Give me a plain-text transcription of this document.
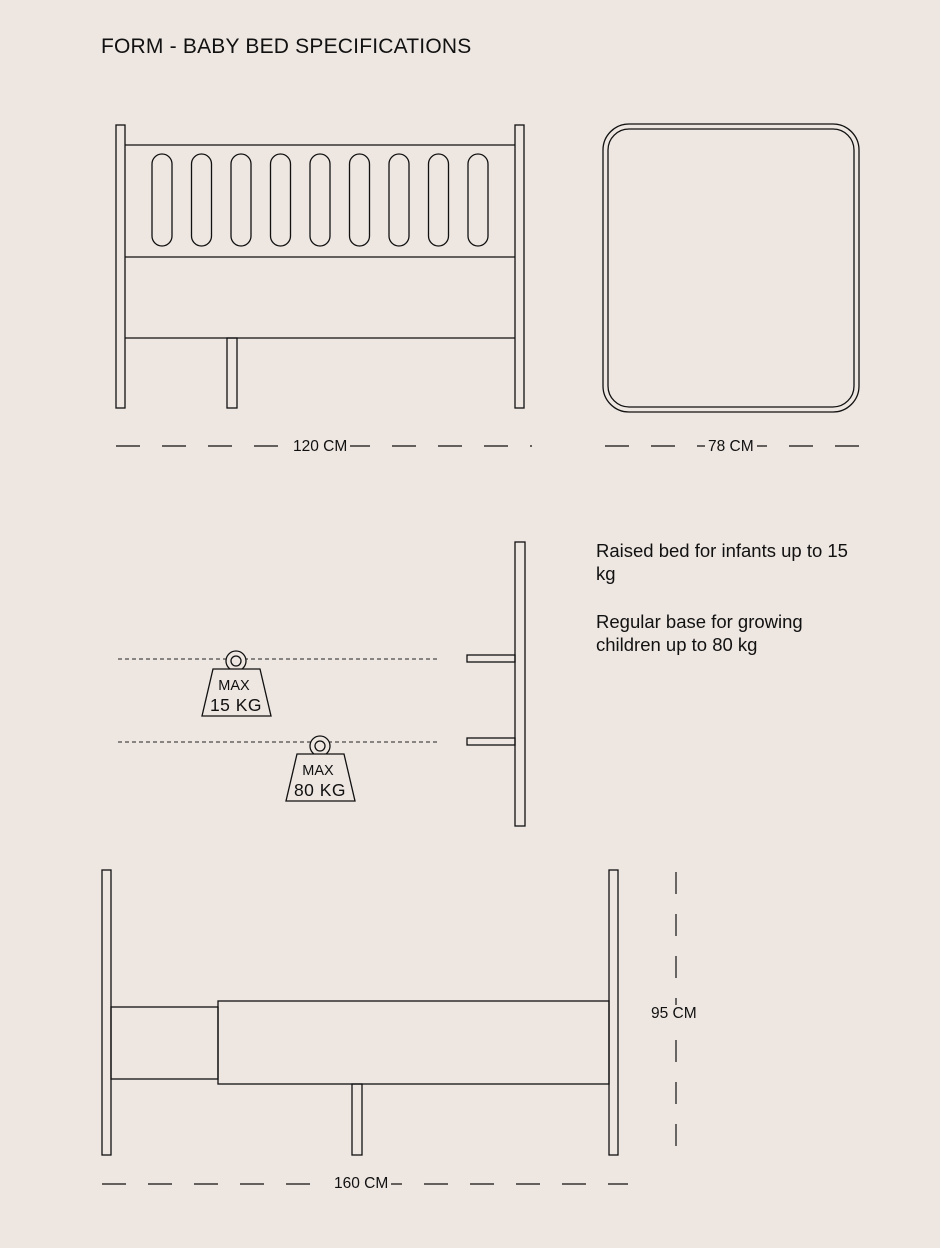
FORM - BABY BED SPECIFICATIONS
MAX
15 KG
MAX
80 KG
120 CM	78 CM
160 CM
95 CM

Raised bed for infants up to 15 kg

Regular base for growing children up to 80 kg
